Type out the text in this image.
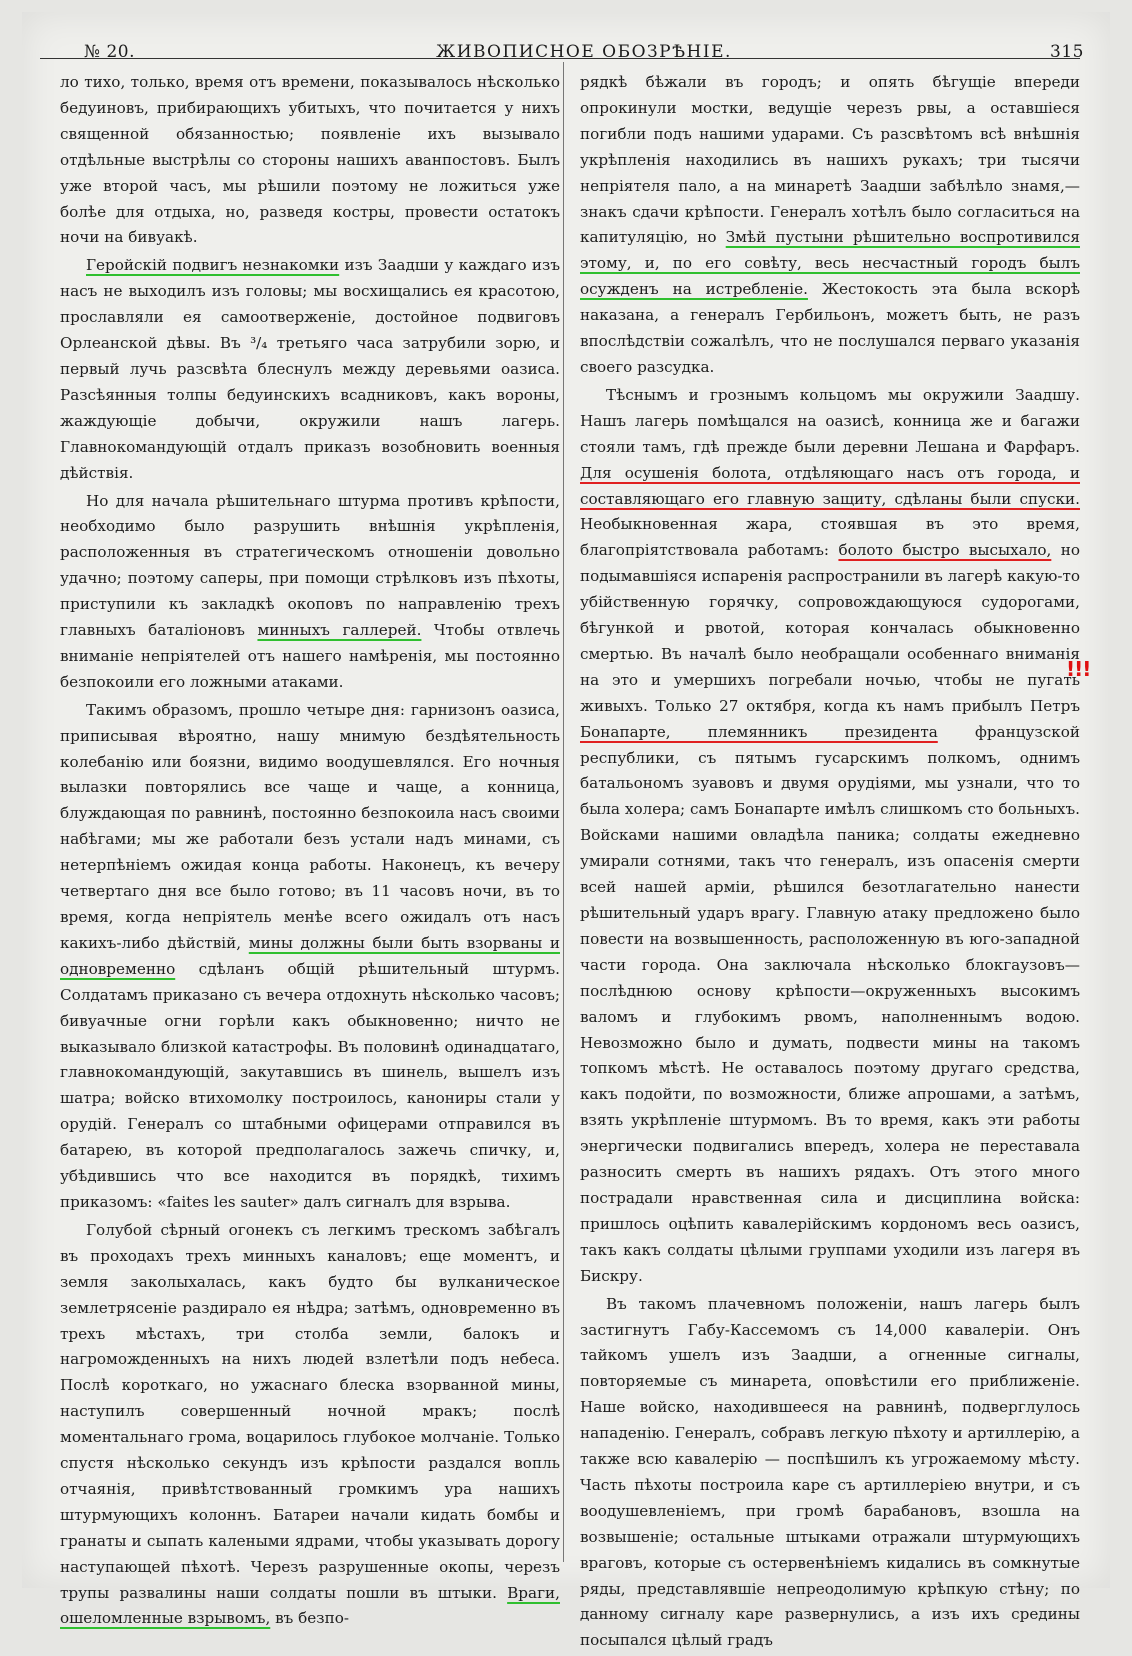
№ 20.	ЖИВОПИСНОЕ ОБОЗРѢНІЕ.	315

ло тихо, только, время отъ времени, показывалось нѣсколько бедуиновъ, прибирающихъ убитыхъ, что почитается у нихъ священной обязанностью; появленіе ихъ вызывало отдѣльные выстрѣлы со стороны нашихъ аванпостовъ. Былъ уже второй часъ, мы рѣшили поэтому не ложиться уже болѣе для отдыха, но, разведя костры, провести остатокъ ночи на бивуакѣ.

Геройскій подвигъ незнакомки изъ Заадши у каждаго изъ насъ не выходилъ изъ головы; мы восхищались ея красотою, прославляли ея самоотверженіе, достойное подвиговъ Орлеанской дѣвы. Въ ³/₄ третьяго часа затрубили зорю, и первый лучь разсвѣта блеснулъ между деревьями оазиса. Разсѣянныя толпы бедуинскихъ всадниковъ, какъ вороны, жаждующіе добычи, окружили нашъ лагерь. Главнокомандующій отдалъ приказъ возобновить военныя дѣйствія.

Но для начала рѣшительнаго штурма противъ крѣпости, необходимо было разрушить внѣшнія укрѣпленія, расположенныя въ стратегическомъ отношеніи довольно удачно; поэтому саперы, при помощи стрѣлковъ изъ пѣхоты, приступили къ закладкѣ окоповъ по направленію трехъ главныхъ баталіоновъ минныхъ галлерей. Чтобы отвлечь вниманіе непріятелей отъ нашего намѣренія, мы постоянно безпокоили его ложными атаками.

Такимъ образомъ, прошло четыре дня: гарнизонъ оазиса, приписывая вѣроятно, нашу мнимую бездѣятельность колебанію или боязни, видимо воодушевлялся. Его ночныя вылазки повторялись все чаще и чаще, а конница, блуждающая по равнинѣ, постоянно безпокоила насъ своими набѣгами; мы же работали безъ устали надъ минами, съ нетерпѣніемъ ожидая конца работы. Наконецъ, къ вечеру четвертаго дня все было готово; въ 11 часовъ ночи, въ то время, когда непріятель менѣе всего ожидалъ отъ насъ какихъ-либо дѣйствій, мины должны были быть взорваны и одновременно сдѣланъ общій рѣшительный штурмъ. Солдатамъ приказано съ вечера отдохнуть нѣсколько часовъ; бивуачные огни горѣли какъ обыкновенно; ничто не выказывало близкой катастрофы. Въ половинѣ одинадцатаго, главнокомандующій, закутавшись въ шинель, вышелъ изъ шатра; войско втихомолку построилось, канониры стали у орудій. Генералъ со штабными офицерами отправился въ батарею, въ которой предполагалось зажечь спичку, и, убѣдившись что все находится въ порядкѣ, тихимъ приказомъ: «faites les sauter» далъ сигналъ для взрыва.

Голубой сѣрный огонекъ съ легкимъ трескомъ забѣгалъ въ проходахъ трехъ минныхъ каналовъ; еще моментъ, и земля заколыхалась, какъ будто бы вулканическое землетрясеніе раздирало ея нѣдра; затѣмъ, одновременно въ трехъ мѣстахъ, три столба земли, балокъ и нагроможденныхъ на нихъ людей взлетѣли подъ небеса. Послѣ короткаго, но ужаснаго блеска взорванной мины, наступилъ совершенный ночной мракъ; послѣ моментальнаго грома, воцарилось глубокое молчаніе. Только спустя нѣсколько секундъ изъ крѣпости раздался вопль отчаянія, привѣтствованный громкимъ ура нашихъ штурмующихъ колоннъ. Батареи начали кидать бомбы и гранаты и сыпать калеными ядрами, чтобы указывать дорогу наступающей пѣхотѣ. Черезъ разрушенные окопы, черезъ трупы развалины наши солдаты пошли въ штыки. Враги, ошеломленные взрывомъ, въ безпо-

рядкѣ бѣжали въ городъ; и опять бѣгущіе впереди опрокинули мостки, ведущіе черезъ рвы, а оставшіеся погибли подъ нашими ударами. Съ разсвѣтомъ всѣ внѣшнія укрѣпленія находились въ нашихъ рукахъ; три тысячи непріятеля пало, а на минаретѣ Заадши забѣлѣло знамя,—знакъ сдачи крѣпости. Генералъ хотѣлъ было согласиться на капитуляцію, но Змѣй пустыни рѣшительно воспротивился этому, и, по его совѣту, весь несчастный городъ былъ осужденъ на истребленіе. Жестокость эта была вскорѣ наказана, а генералъ Гербильонъ, можетъ быть, не разъ впослѣдствіи сожалѣлъ, что не послушался перваго указанія своего разсудка.

Тѣснымъ и грознымъ кольцомъ мы окружили Заадшу. Нашъ лагерь помѣщался на оазисѣ, конница же и багажи стояли тамъ, гдѣ прежде были деревни Лешана и Фарфаръ. Для осушенія болота, отдѣляющаго насъ отъ города, и составляющаго его главную защиту, сдѣланы были спуски. Необыкновенная жара, стоявшая въ это время, благопріятствовала работамъ: болото быстро высыхало, но подымавшіяся испаренія распространили въ лагерѣ какую-то убійственную горячку, сопровождающуюся судорогами, бѣгункой и рвотой, которая кончалась обыкновенно смертью. Въ началѣ было необращали особеннаго вниманія на это и умершихъ погребали ночью, чтобы не пугать живыхъ. Только 27 октября, когда къ намъ прибылъ Петръ Бонапарте, племянникъ президента французской республики, съ пятымъ гусарскимъ полкомъ, однимъ батальономъ зуавовъ и двумя орудіями, мы узнали, что то была холера; самъ Бонапарте имѣлъ слишкомъ сто больныхъ. Войсками нашими овладѣла паника; солдаты ежедневно умирали сотнями, такъ что генералъ, изъ опасенія смерти всей нашей арміи, рѣшился безотлагательно нанести рѣшительный ударъ врагу. Главную атаку предложено было повести на возвышенность, расположенную въ юго-западной части города. Она заключала нѣсколько блокгаузовъ—послѣднюю основу крѣпости—окруженныхъ высокимъ валомъ и глубокимъ рвомъ, наполненнымъ водою. Невозможно было и думать, подвести мины на такомъ топкомъ мѣстѣ. Не оставалось поэтому другаго средства, какъ подойти, по возможности, ближе апрошами, а затѣмъ, взять укрѣпленіе штурмомъ. Въ то время, какъ эти работы энергически подвигались впередъ, холера не переставала разносить смерть въ нашихъ рядахъ. Отъ этого много пострадали нравственная сила и дисциплина войска: пришлось оцѣпить кавалерійскимъ кордономъ весь оазисъ, такъ какъ солдаты цѣлыми группами уходили изъ лагеря въ Бискру.

Въ такомъ плачевномъ положеніи, нашъ лагерь былъ застигнутъ Габу-Кассемомъ съ 14,000 кавалеріи. Онъ тайкомъ ушелъ изъ Заадши, а огненные сигналы, повторяемые съ минарета, оповѣстили его приближеніе. Наше войско, находившееся на равнинѣ, подверглулось нападенію. Генералъ, собравъ легкую пѣхоту и артиллерію, а также всю кавалерію — поспѣшилъ къ угрожаемому мѣсту. Часть пѣхоты построила каре съ артиллеріею внутри, и съ воодушевленіемъ, при громѣ барабановъ, взошла на возвышеніе; остальные штыками отражали штурмующихъ враговъ, которые съ остервенѣніемъ кидались въ сомкнутые ряды, представлявшіе непреодолимую крѣпкую стѣну; по данному сигналу каре развернулись, а изъ ихъ средины посыпался цѣлый градъ

!!!
